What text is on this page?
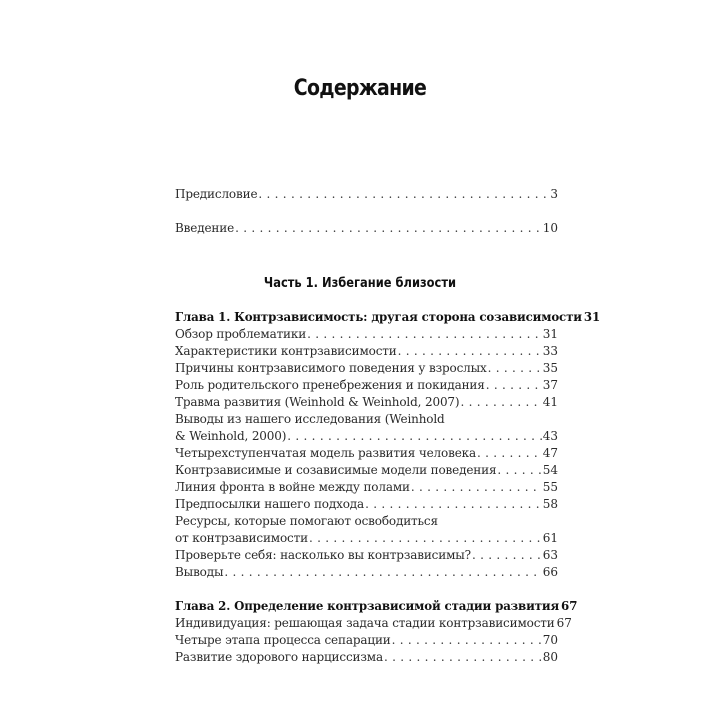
Содержание
Предисловие . . .	3
Введение . . .	10
Часть 1. Избегание близости
Глава 1. Контрзависимость: другая сторона созависимости 31
Обзор проблематики . . .	31
Характеристики контрзависимости . . .	33
Причины контрзависимого поведения у взрослых . . .	35
Роль родительского пренебрежения и покидания . . .	37
Травма развития (Weinhold & Weinhold, 2007) . . .	41
Выводы из нашего исследования (Weinhold
& Weinhold, 2000) . . .	43
Четырехступенчатая модель развития человека . . .	47
Контрзависимые и созависимые модели поведения . . .	54
Линия фронта в войне между полами . . .	55
Предпосылки нашего подхода . . .	58
Ресурсы, которые помогают освободиться
от контрзависимости . . .	61
Проверьте себя: насколько вы контрзависимы? . . .	63
Выводы . . .	66
Глава 2. Определение контрзависимой стадии развития 67
Индивидуация: решающая задача стадии контрзависимости 67
Четыре этапа процесса сепарации . . .	70
Развитие здорового нарциссизма . . .	80
